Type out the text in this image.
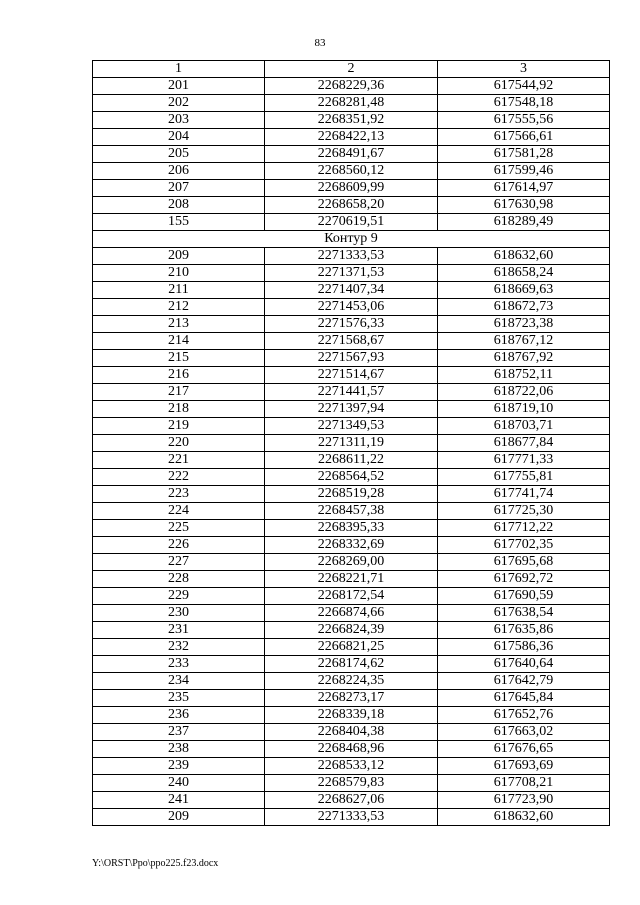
83
1	2	3
201	2268229,36	617544,92
202	2268281,48	617548,18
203	2268351,92	617555,56
204	2268422,13	617566,61
205	2268491,67	617581,28
206	2268560,12	617599,46
207	2268609,99	617614,97
208	2268658,20	617630,98
155	2270619,51	618289,49
Контур 9		
209	2271333,53	618632,60
210	2271371,53	618658,24
211	2271407,34	618669,63
212	2271453,06	618672,73
213	2271576,33	618723,38
214	2271568,67	618767,12
215	2271567,93	618767,92
216	2271514,67	618752,11
217	2271441,57	618722,06
218	2271397,94	618719,10
219	2271349,53	618703,71
220	2271311,19	618677,84
221	2268611,22	617771,33
222	2268564,52	617755,81
223	2268519,28	617741,74
224	2268457,38	617725,30
225	2268395,33	617712,22
226	2268332,69	617702,35
227	2268269,00	617695,68
228	2268221,71	617692,72
229	2268172,54	617690,59
230	2266874,66	617638,54
231	2266824,39	617635,86
232	2266821,25	617586,36
233	2268174,62	617640,64
234	2268224,35	617642,79
235	2268273,17	617645,84
236	2268339,18	617652,76
237	2268404,38	617663,02
238	2268468,96	617676,65
239	2268533,12	617693,69
240	2268579,83	617708,21
241	2268627,06	617723,90
209	2271333,53	618632,60
Y:\ORST\Ppo\ppo225.f23.docx
